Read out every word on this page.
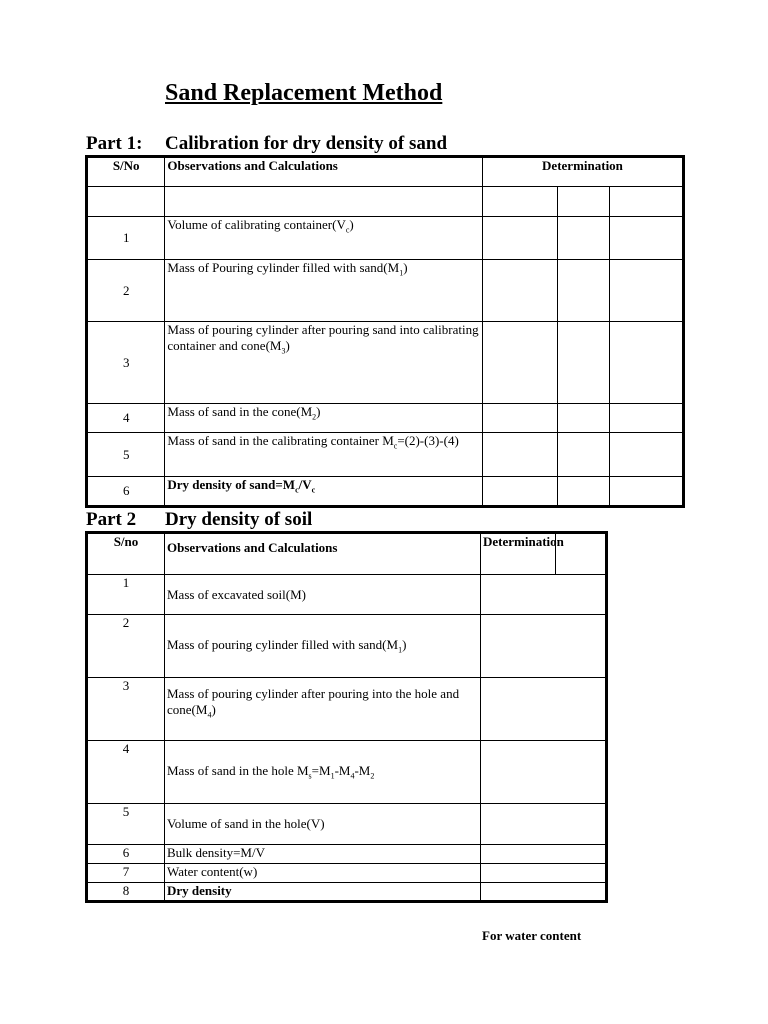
Sand Replacement Method
Part 1: Calibration for dry density of sand
S/No	Observations and Calculations	Determination		

1	Volume of calibrating $container(V_c)$			
2	Mass of Pouring cylinder filled with $sand(M_1)$			
3	Mass of pouring cylinder after pouring sand into calibrating container and $cone(M_3)$			
4	Mass of sand in the $cone(M_2)$			
5	Mass of sand in the calibrating container $M_c=(2)-(3)-(4)$			
6	Dry density of $sand=M_c/V_c$			
Part 2 Dry density of soil
S/no	Observations and Calculations	Determination	
1	Mass of excavated soil(M)		
2	Mass of pouring cylinder filled with $sand(M_1)$		
3	Mass of pouring cylinder after pouring into the hole and $cone(M_4)$		
4	Mass of sand in the hole $M_s=M_1-M_4-M_2$	
5	Volume of sand in the hole(V)		
6	Bulk density=M/V		
7	Water content(w)		
8	Dry density		
For water content
